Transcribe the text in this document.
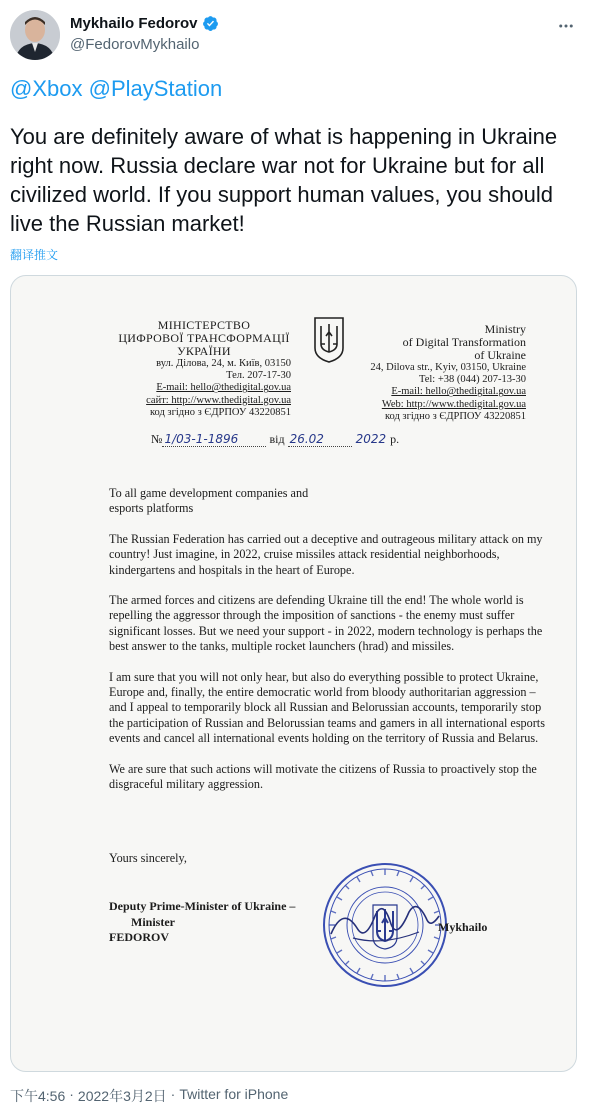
Mykhailo Fedorov
@FedorovMykhailo
@Xbox @PlayStation
You are definitely aware of what is happening in Ukraine right now. Russia declare war not for Ukraine but for all civilized world. If you support human values, you should live the Russian market!
翻译推文
МІНІСТЕРСТВО
ЦИФРОВОЇ ТРАНСФОРМАЦІЇ
УКРАЇНИ
вул. Ділова, 24, м. Київ, 03150
Тел. 207-17-30
E-mail: hello@thedigital.gov.ua
сайт: http://www.thedigital.gov.ua
код згідно з ЄДРПОУ 43220851
Ministry
of Digital Transformation
of Ukraine
24, Dilova str., Kyiv, 03150, Ukraine
Tel: +38 (044) 207-13-30
E-mail: hello@thedigital.gov.ua
Web: http://www.thedigital.gov.ua
код згідно з ЄДРПОУ 43220851
№ 1/03-1-1896	від 26.02	2022 р.

To all game development companies and esports platforms

The Russian Federation has carried out a deceptive and outrageous military attack on my country! Just imagine, in 2022, cruise missiles attack residential neighborhoods, kindergartens and hospitals in the heart of Europe.

The armed forces and citizens are defending Ukraine till the end! The whole world is repelling the aggressor through the imposition of sanctions - the enemy must suffer significant losses. But we need your support - in 2022, modern technology is perhaps the best answer to the tanks, multiple rocket launchers (hrad) and missiles.

I am sure that you will not only hear, but also do everything possible to protect Ukraine, Europe and, finally, the entire democratic world from bloody authoritarian aggression – and I appeal to temporarily block all Russian and Belorussian accounts, temporarily stop the participation of Russian and Belorussian teams and gamers in all international esports events and cancel all international events holding on the territory of Russia and Belarus.

We are sure that such actions will motivate the citizens of Russia to proactively stop the disgraceful military aggression.

Yours sincerely,
Deputy Prime-Minister of Ukraine –
Minister
FEDOROV
Mykhailo
下午4:56 · 2022年3月2日 · Twitter for iPhone
